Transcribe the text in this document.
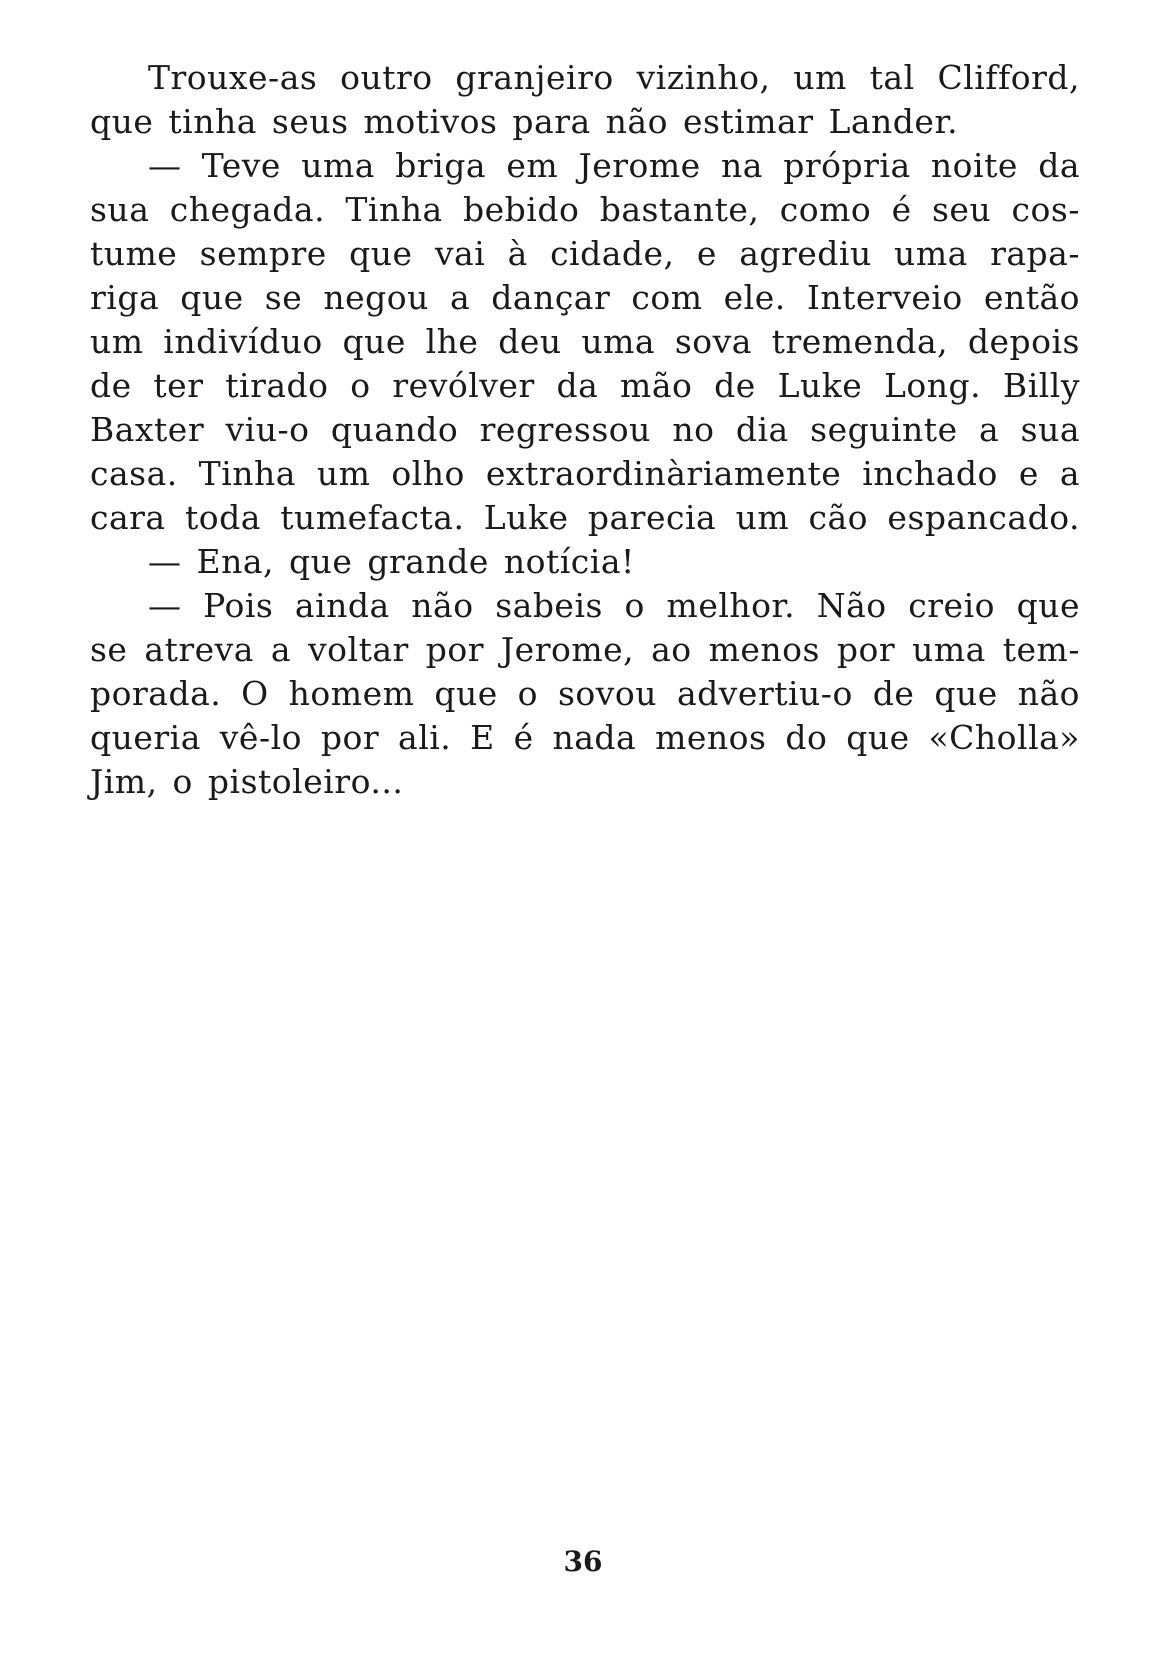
Trouxe-as outro granjeiro vizinho, um tal Clifford,
que tinha seus motivos para não estimar Lander.
— Teve uma briga em Jerome na própria noite da
sua chegada. Tinha bebido bastante, como é seu cos-
tume sempre que vai à cidade, e agrediu uma rapa-
riga que se negou a dançar com ele. Interveio então
um indivíduo que lhe deu uma sova tremenda, depois
de ter tirado o revólver da mão de Luke Long. Billy
Baxter viu-o quando regressou no dia seguinte a sua
casa. Tinha um olho extraordinàriamente inchado e a
cara toda tumefacta. Luke parecia um cão espancado.
— Ena, que grande notícia!
— Pois ainda não sabeis o melhor. Não creio que
se atreva a voltar por Jerome, ao menos por uma tem-
porada. O homem que o sovou advertiu-o de que não
queria vê-lo por ali. E é nada menos do que «Cholla»
Jim, o pistoleiro...
36
